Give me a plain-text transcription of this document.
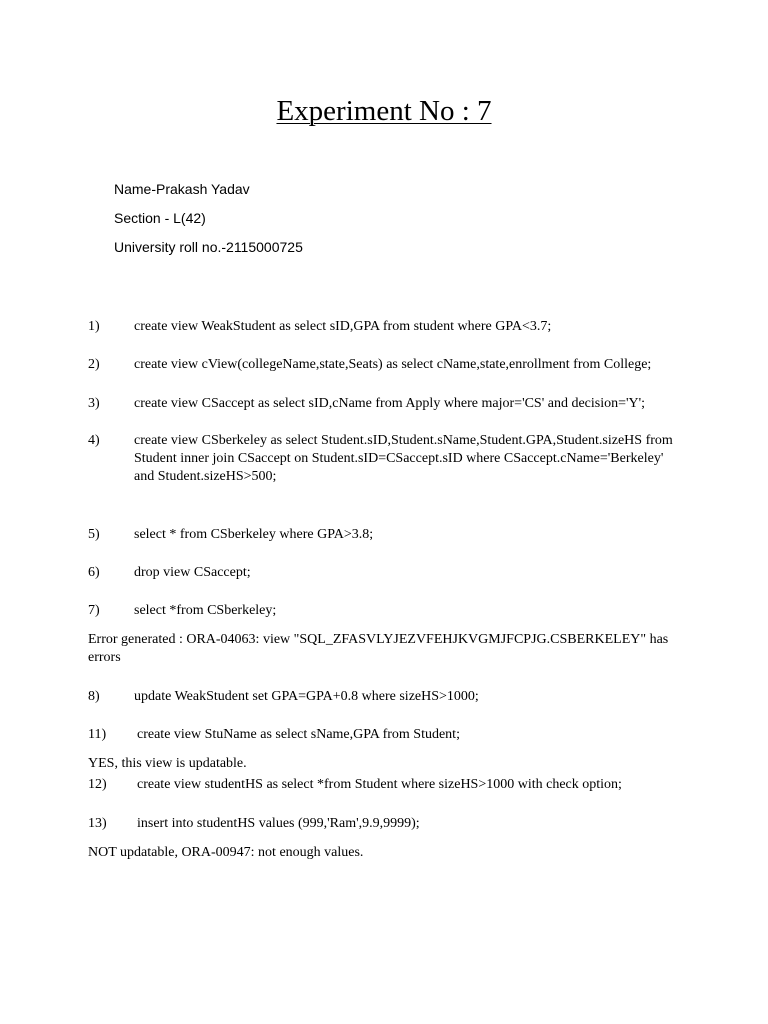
Experiment No : 7
Name-Prakash Yadav
Section - L(42)
University roll no.-2115000725
1) create view WeakStudent as select sID,GPA from student where GPA<3.7;
2) create view cView(collegeName,state,Seats) as select cName,state,enrollment from College;
3) create view CSaccept as select sID,cName from Apply where major='CS' and decision='Y';
4) create view CSberkeley as select Student.sID,Student.sName,Student.GPA,Student.sizeHS from
Student inner join CSaccept on Student.sID=CSaccept.sID where CSaccept.cName='Berkeley'
and Student.sizeHS>500;
5) select * from CSberkeley where GPA>3.8;
6) drop view CSaccept;
7) select *from CSberkeley;
Error generated : ORA-04063: view "SQL_ZFASVLYJEZVFEHJKVGMJFCPJG.CSBERKELEY" has
errors
8) update WeakStudent set GPA=GPA+0.8 where sizeHS>1000;
11) create view StuName as select sName,GPA from Student;
YES, this view is updatable.
12) create view studentHS as select *from Student where sizeHS>1000 with check option;
13) insert into studentHS values (999,'Ram',9.9,9999);
NOT updatable, ORA-00947: not enough values.
